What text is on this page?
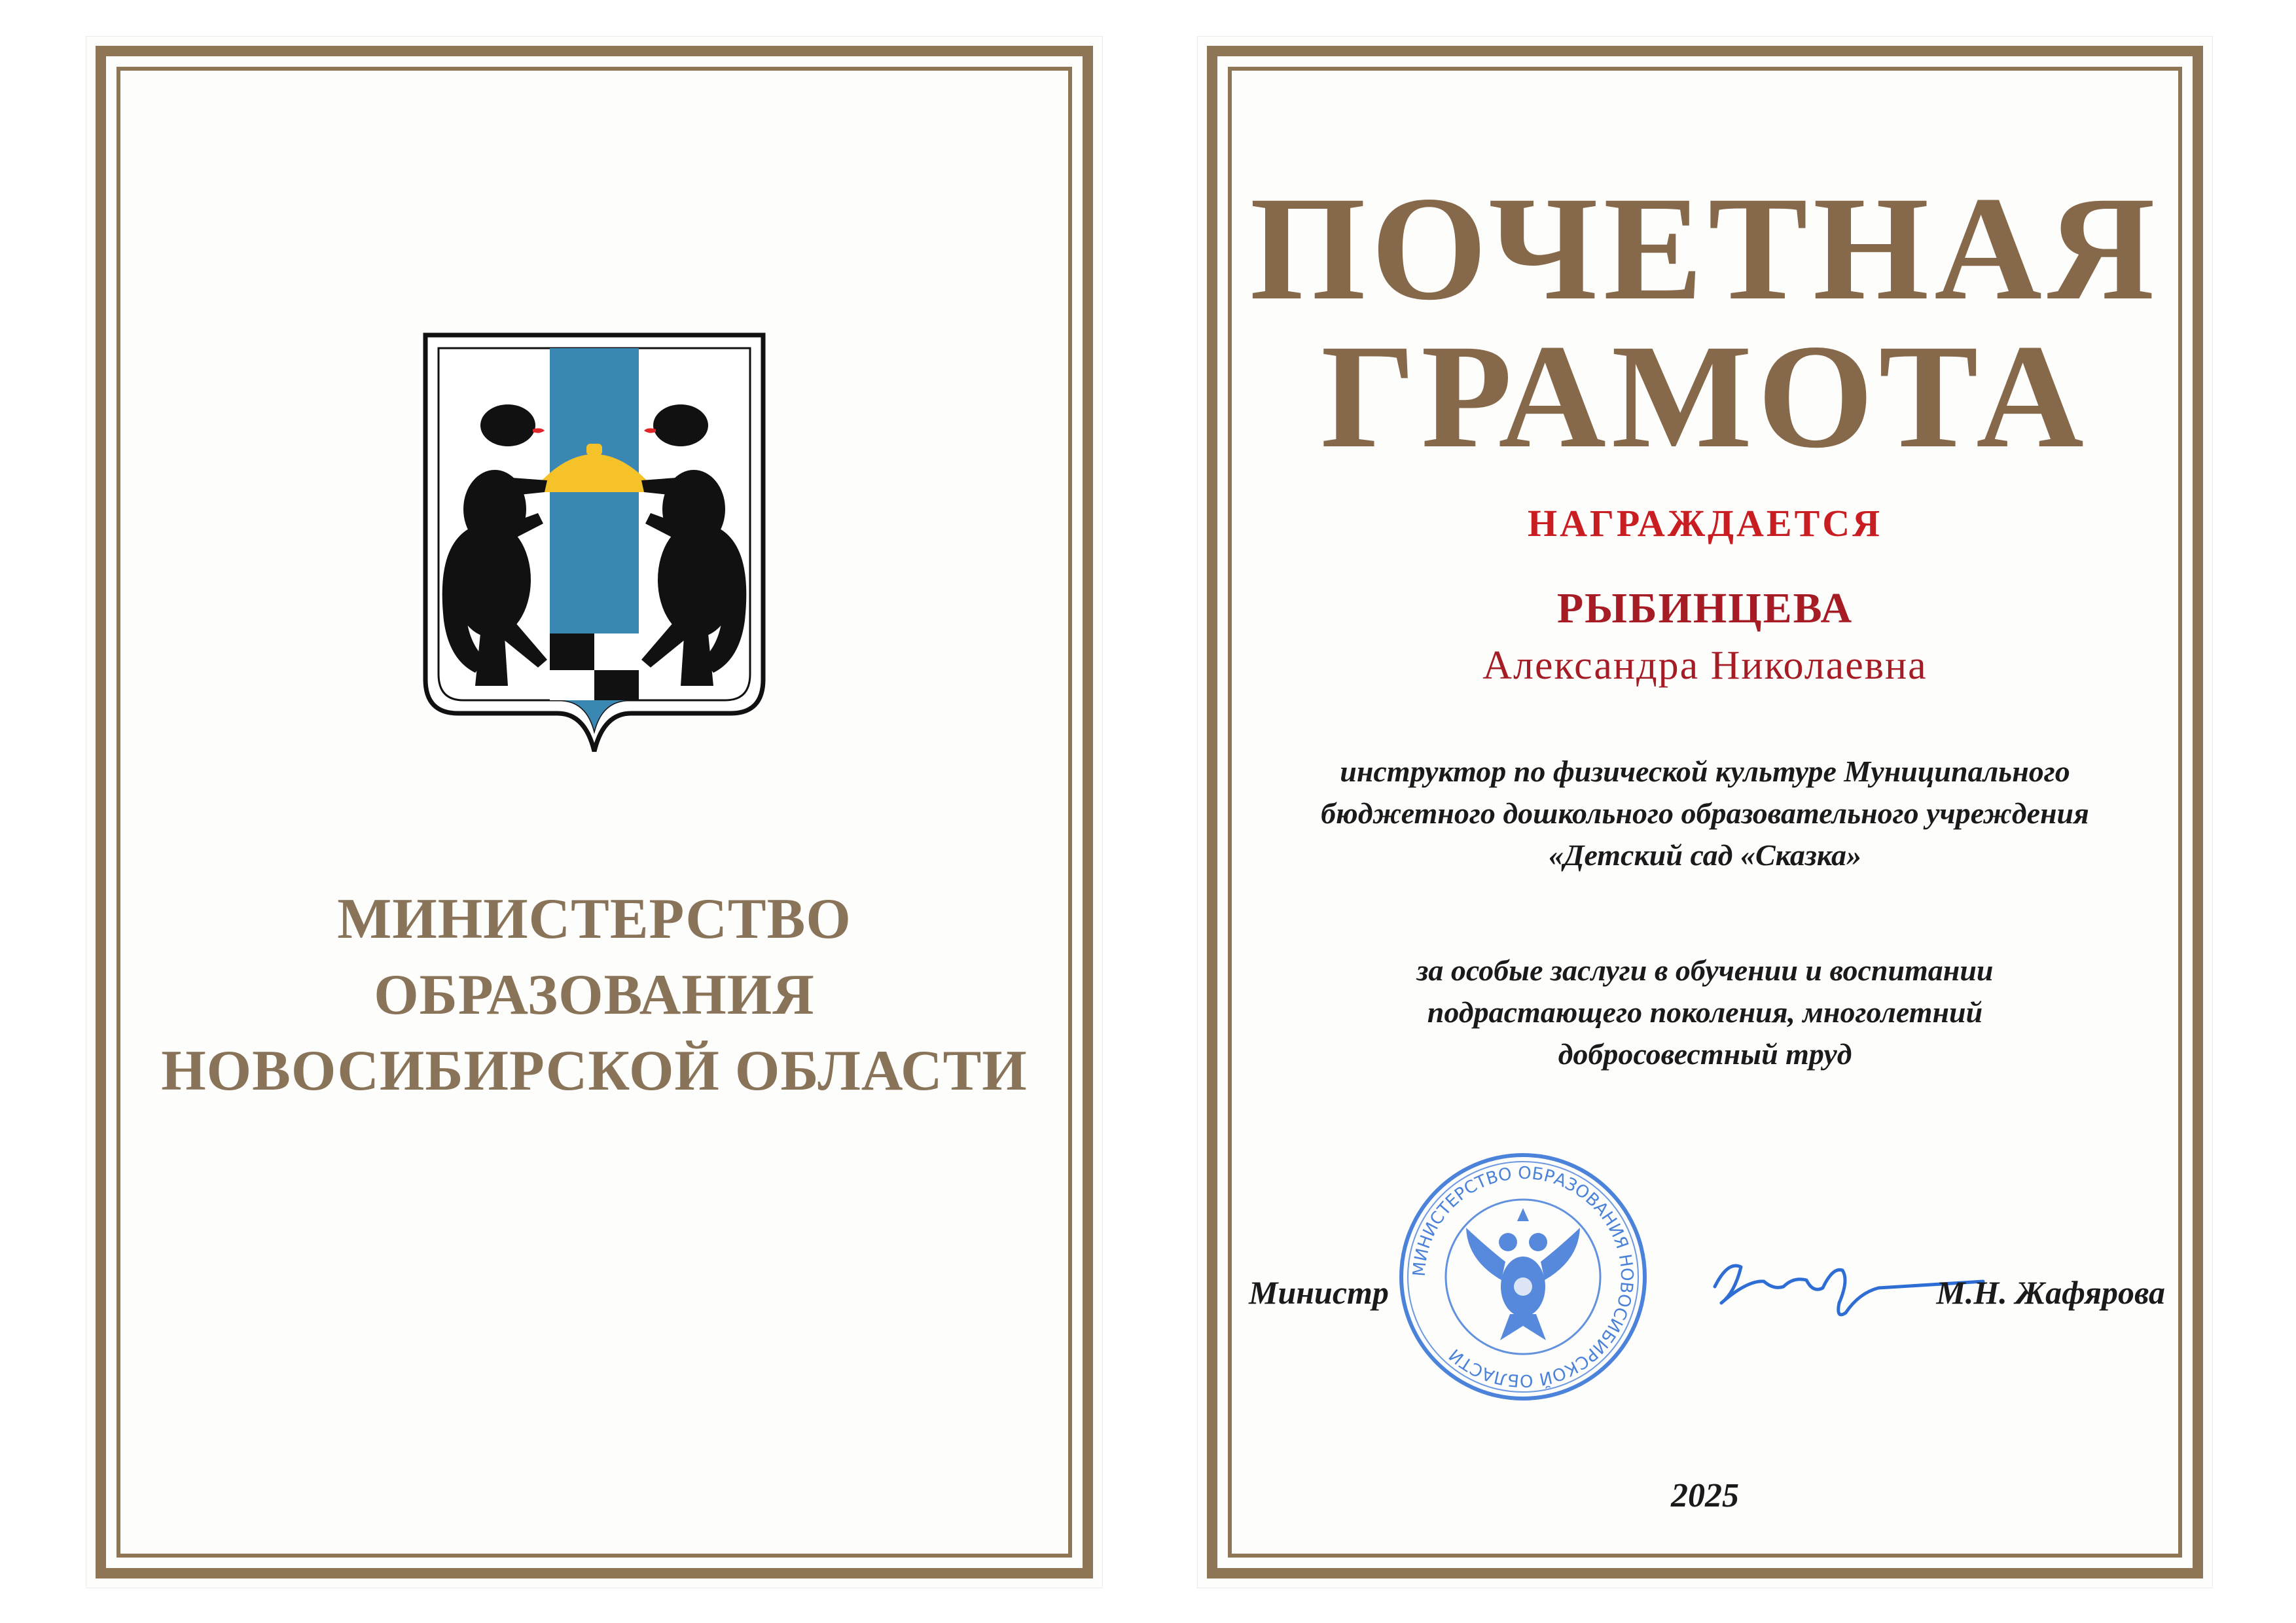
МИНИСТЕРСТВО
ОБРАЗОВАНИЯ
НОВОСИБИРСКОЙ ОБЛАСТИ
ПОЧЕТНАЯ
ГРАМОТА
НАГРАЖДАЕТСЯ
РЫБИНЦЕВА
Александра Николаевна
инструктор по физической культуре Муниципального
бюджетного дошкольного образовательного учреждения
«Детский сад «Сказка»
за особые заслуги в обучении и воспитании
подрастающего поколения, многолетний
добросовестный труд
Министр
МИНИСТЕРСТВО ОБРАЗОВАНИЯ НОВОСИБИРСКОЙ ОБЛАСТИ
М.Н. Жафярова
2025
